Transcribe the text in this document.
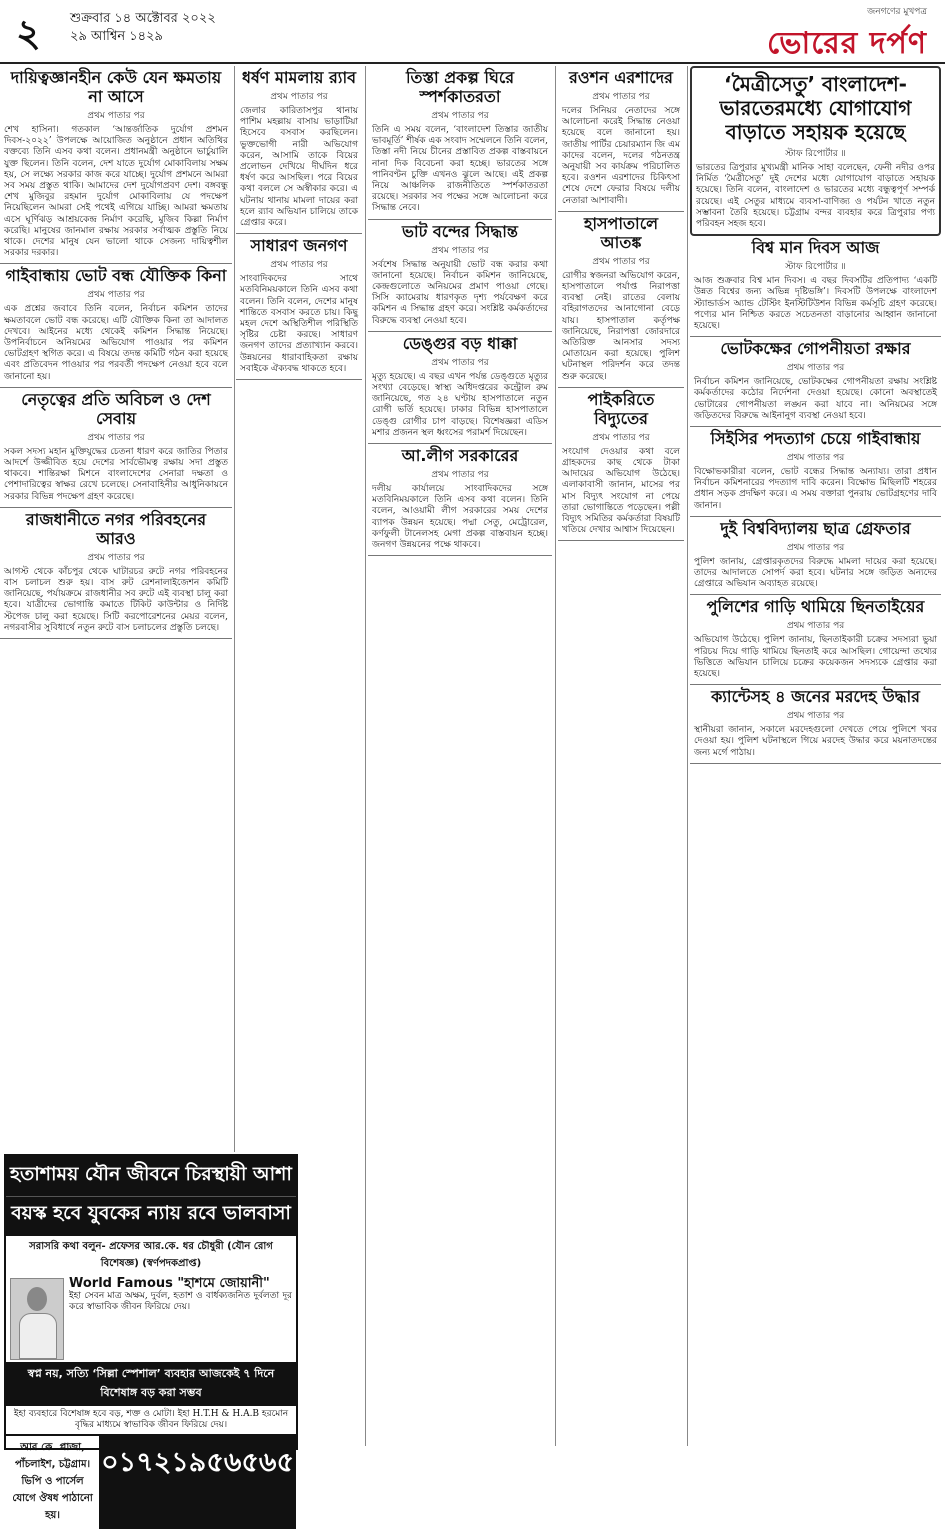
২ শুক্রবার ১৪ অক্টোবর ২০২২
২৯ আশ্বিন ১৪২৯
জনগণের মুখপত্র
ভোরের দর্পণ
দায়িত্বজ্ঞানহীন কেউ যেন ক্ষমতায় না আসে
প্রথম পাতার পর

শেখ হাসিনা। গতকাল ‘আন্তর্জাতিক দুর্যোগ প্রশমন দিবস-২০২২’ উপলক্ষে আয়োজিত অনুষ্ঠানে প্রধান অতিথির বক্তব্যে তিনি এসব কথা বলেন। প্রধানমন্ত্রী অনুষ্ঠানে ভার্চুয়ালি যুক্ত ছিলেন। তিনি বলেন, দেশ যাতে দুর্যোগ মোকাবিলায় সক্ষম হয়, সে লক্ষ্যে সরকার কাজ করে যাচ্ছে। দুর্যোগ প্রশমনে আমরা সব সময় প্রস্তুত থাকি। আমাদের দেশ দুর্যোগপ্রবণ দেশ। বঙ্গবন্ধু শেখ মুজিবুর রহমান দুর্যোগ মোকাবিলায় যে পদক্ষেপ নিয়েছিলেন আমরা সেই পথেই এগিয়ে যাচ্ছি। আমরা ক্ষমতায় এসে ঘূর্ণিঝড় আশ্রয়কেন্দ্র নির্মাণ করেছি, মুজিব কিল্লা নির্মাণ করেছি। মানুষের জানমাল রক্ষায় সরকার সর্বাত্মক প্রস্তুতি নিয়ে থাকে। দেশের মানুষ যেন ভালো থাকে সেজন্য দায়িত্বশীল সরকার দরকার।

গাইবান্ধায় ভোট বন্ধ যৌক্তিক কিনা
প্রথম পাতার পর

এক প্রশ্নের জবাবে তিনি বলেন, নির্বাচন কমিশন তাদের ক্ষমতাবলে ভোট বন্ধ করেছে। এটি যৌক্তিক কিনা তা আদালত দেখবে। আইনের মধ্যে থেকেই কমিশন সিদ্ধান্ত নিয়েছে। উপনির্বাচনে অনিয়মের অভিযোগ পাওয়ার পর কমিশন ভোটগ্রহণ স্থগিত করে। এ বিষয়ে তদন্ত কমিটি গঠন করা হয়েছে এবং প্রতিবেদন পাওয়ার পর পরবর্তী পদক্ষেপ নেওয়া হবে বলে জানানো হয়।

নেতৃত্বের প্রতি অবিচল ও দেশ সেবায়
প্রথম পাতার পর

সকল সদস্য মহান মুক্তিযুদ্ধের চেতনা ধারণ করে জাতির পিতার আদর্শে উজ্জীবিত হয়ে দেশের সার্বভৌমত্ব রক্ষায় সদা প্রস্তুত থাকবে। শান্তিরক্ষা মিশনে বাংলাদেশের সেনারা দক্ষতা ও পেশাদারিত্বের স্বাক্ষর রেখে চলেছে। সেনাবাহিনীর আধুনিকায়নে সরকার বিভিন্ন পদক্ষেপ গ্রহণ করেছে।

রাজধানীতে নগর পরিবহনের আরও
প্রথম পাতার পর

আগস্ট থেকে কাঁচপুর থেকে ঘাটারচর রুটে নগর পরিবহনের বাস চলাচল শুরু হয়। বাস রুট রেশনালাইজেশন কমিটি জানিয়েছে, পর্যায়ক্রমে রাজধানীর সব রুটে এই ব্যবস্থা চালু করা হবে। যাত্রীদের ভোগান্তি কমাতে টিকিট কাউন্টার ও নির্দিষ্ট স্টপেজ চালু করা হয়েছে। সিটি করপোরেশনের মেয়র বলেন, নগরবাসীর সুবিধার্থে নতুন রুটে বাস চলাচলের প্রস্তুতি চলছে।

ধর্ষণ মামলায় র‍্যাব
প্রথম পাতার পর

জেলার কারিতাসপুর থানায় পাশিম মহল্লায় বাসায় ভাড়াটিয়া হিসেবে বসবাস করছিলেন। ভুক্তভোগী নারী অভিযোগ করেন, আসামি তাকে বিয়ের প্রলোভন দেখিয়ে দীর্ঘদিন ধরে ধর্ষণ করে আসছিল। পরে বিয়ের কথা বললে সে অস্বীকার করে। এ ঘটনায় থানায় মামলা দায়ের করা হলে র‍্যাব অভিযান চালিয়ে তাকে গ্রেপ্তার করে।

সাধারণ জনগণ
প্রথম পাতার পর

সাংবাদিকদের সাথে মতবিনিময়কালে তিনি এসব কথা বলেন। তিনি বলেন, দেশের মানুষ শান্তিতে বসবাস করতে চায়। কিছু মহল দেশে অস্থিতিশীল পরিস্থিতি সৃষ্টির চেষ্টা করছে। সাধারণ জনগণ তাদের প্রত্যাখ্যান করবে। উন্নয়নের ধারাবাহিকতা রক্ষায় সবাইকে ঐক্যবদ্ধ থাকতে হবে।

তিস্তা প্রকল্প ঘিরে স্পর্শকাতরতা
প্রথম পাতার পর

তিনি এ সময় বলেন, ‘বাংলাদেশ তিস্তার জাতীয় ভাবমূর্তি’ শীর্ষক এক সংবাদ সম্মেলনে তিনি বলেন, তিস্তা নদী নিয়ে চীনের প্রস্তাবিত প্রকল্প বাস্তবায়নে নানা দিক বিবেচনা করা হচ্ছে। ভারতের সঙ্গে পানিবণ্টন চুক্তি এখনও ঝুলে আছে। এই প্রকল্প নিয়ে আঞ্চলিক রাজনীতিতে স্পর্শকাতরতা রয়েছে। সরকার সব পক্ষের সঙ্গে আলোচনা করে সিদ্ধান্ত নেবে।

ভাট বন্দের সিদ্ধান্ত
প্রথম পাতার পর

সর্বশেষ সিদ্ধান্ত অনুযায়ী ভোট বন্ধ করার কথা জানানো হয়েছে। নির্বাচন কমিশন জানিয়েছে, কেন্দ্রগুলোতে অনিয়মের প্রমাণ পাওয়া গেছে। সিসি ক্যামেরায় ধারণকৃত দৃশ্য পর্যবেক্ষণ করে কমিশন এ সিদ্ধান্ত গ্রহণ করে। সংশ্লিষ্ট কর্মকর্তাদের বিরুদ্ধে ব্যবস্থা নেওয়া হবে।

ডেঙ্গুর বড় ধাক্কা
প্রথম পাতার পর

মৃত্যু হয়েছে। এ বছর এখন পর্যন্ত ডেঙ্গুতে মৃত্যুর সংখ্যা বেড়েছে। স্বাস্থ্য অধিদপ্তরের কন্ট্রোল রুম জানিয়েছে, গত ২৪ ঘণ্টায় হাসপাতালে নতুন রোগী ভর্তি হয়েছে। ঢাকার বিভিন্ন হাসপাতালে ডেঙ্গু রোগীর চাপ বাড়ছে। বিশেষজ্ঞরা এডিস মশার প্রজনন স্থল ধ্বংসের পরামর্শ দিয়েছেন।

আ.লীগ সরকারের
প্রথম পাতার পর

দলীয় কার্যালয়ে সাংবাদিকদের সঙ্গে মতবিনিময়কালে তিনি এসব কথা বলেন। তিনি বলেন, আওয়ামী লীগ সরকারের সময় দেশের ব্যাপক উন্নয়ন হয়েছে। পদ্মা সেতু, মেট্রোরেল, কর্ণফুলী টানেলসহ মেগা প্রকল্প বাস্তবায়ন হচ্ছে। জনগণ উন্নয়নের পক্ষে থাকবে।

রওশন এরশাদের
প্রথম পাতার পর

দলের সিনিয়র নেতাদের সঙ্গে আলোচনা করেই সিদ্ধান্ত নেওয়া হয়েছে বলে জানানো হয়। জাতীয় পার্টির চেয়ারম্যান জি এম কাদের বলেন, দলের গঠনতন্ত্র অনুযায়ী সব কার্যক্রম পরিচালিত হবে। রওশন এরশাদের চিকিৎসা শেষে দেশে ফেরার বিষয়ে দলীয় নেতারা আশাবাদী।

হাসপাতালে আতঙ্ক
প্রথম পাতার পর

রোগীর স্বজনরা অভিযোগ করেন, হাসপাতালে পর্যাপ্ত নিরাপত্তা ব্যবস্থা নেই। রাতের বেলায় বহিরাগতদের আনাগোনা বেড়ে যায়। হাসপাতাল কর্তৃপক্ষ জানিয়েছে, নিরাপত্তা জোরদারে অতিরিক্ত আনসার সদস্য মোতায়েন করা হয়েছে। পুলিশ ঘটনাস্থল পরিদর্শন করে তদন্ত শুরু করেছে।

পাইকরিতে বিদ্যুতের
প্রথম পাতার পর

সংযোগ দেওয়ার কথা বলে গ্রাহকদের কাছ থেকে টাকা আদায়ের অভিযোগ উঠেছে। এলাকাবাসী জানান, মাসের পর মাস বিদ্যুৎ সংযোগ না পেয়ে তারা ভোগান্তিতে পড়েছেন। পল্লী বিদ্যুৎ সমিতির কর্মকর্তারা বিষয়টি খতিয়ে দেখার আশ্বাস দিয়েছেন।

‘মৈত্রীসেতু’ বাংলাদেশ-ভারতেরমধ্যে যোগাযোগ বাড়াতে সহায়ক হয়েছে
স্টাফ রিপোর্টার ॥

ভারতের ত্রিপুরার মুখ্যমন্ত্রী মানিক সাহা বলেছেন, ফেনী নদীর ওপর নির্মিত ‘মৈত্রীসেতু’ দুই দেশের মধ্যে যোগাযোগ বাড়াতে সহায়ক হয়েছে। তিনি বলেন, বাংলাদেশ ও ভারতের মধ্যে বন্ধুত্বপূর্ণ সম্পর্ক রয়েছে। এই সেতুর মাধ্যমে ব্যবসা-বাণিজ্য ও পর্যটন খাতে নতুন সম্ভাবনা তৈরি হয়েছে। চট্টগ্রাম বন্দর ব্যবহার করে ত্রিপুরার পণ্য পরিবহন সহজ হবে।

বিশ্ব মান দিবস আজ
স্টাফ রিপোর্টার ॥

আজ শুক্রবার বিশ্ব মান দিবস। এ বছর দিবসটির প্রতিপাদ্য ‘একটি উন্নত বিশ্বের জন্য অভিন্ন দৃষ্টিভঙ্গি’। দিবসটি উপলক্ষে বাংলাদেশ স্ট্যান্ডার্ডস অ্যান্ড টেস্টিং ইনস্টিটিউশন বিভিন্ন কর্মসূচি গ্রহণ করেছে। পণ্যের মান নিশ্চিত করতে সচেতনতা বাড়ানোর আহ্বান জানানো হয়েছে।

ভোটকক্ষের গোপনীয়তা রক্ষার
প্রথম পাতার পর

নির্বাচন কমিশন জানিয়েছে, ভোটকক্ষের গোপনীয়তা রক্ষায় সংশ্লিষ্ট কর্মকর্তাদের কঠোর নির্দেশনা দেওয়া হয়েছে। কোনো অবস্থাতেই ভোটারের গোপনীয়তা লঙ্ঘন করা যাবে না। অনিয়মের সঙ্গে জড়িতদের বিরুদ্ধে আইনানুগ ব্যবস্থা নেওয়া হবে।

সিইসির পদত্যাগ চেয়ে গাইবান্ধায়
প্রথম পাতার পর

বিক্ষোভকারীরা বলেন, ভোট বন্ধের সিদ্ধান্ত অন্যায্য। তারা প্রধান নির্বাচন কমিশনারের পদত্যাগ দাবি করেন। বিক্ষোভ মিছিলটি শহরের প্রধান সড়ক প্রদক্ষিণ করে। এ সময় বক্তারা পুনরায় ভোটগ্রহণের দাবি জানান।

দুই বিশ্ববিদ্যালয় ছাত্র গ্রেফতার
প্রথম পাতার পর

পুলিশ জানায়, গ্রেপ্তারকৃতদের বিরুদ্ধে মামলা দায়ের করা হয়েছে। তাদের আদালতে সোপর্দ করা হবে। ঘটনার সঙ্গে জড়িত অন্যদের গ্রেপ্তারে অভিযান অব্যাহত রয়েছে।

পুলিশের গাড়ি থামিয়ে ছিনতাইয়ের
প্রথম পাতার পর

অভিযোগ উঠেছে। পুলিশ জানায়, ছিনতাইকারী চক্রের সদস্যরা ভুয়া পরিচয় দিয়ে গাড়ি থামিয়ে ছিনতাই করে আসছিল। গোয়েন্দা তথ্যের ভিত্তিতে অভিযান চালিয়ে চক্রের কয়েকজন সদস্যকে গ্রেপ্তার করা হয়েছে।

ক্যান্টেসহ ৪ জনের মরদেহ উদ্ধার
প্রথম পাতার পর

স্থানীয়রা জানান, সকালে মরদেহগুলো দেখতে পেয়ে পুলিশে খবর দেওয়া হয়। পুলিশ ঘটনাস্থলে গিয়ে মরদেহ উদ্ধার করে ময়নাতদন্তের জন্য মর্গে পাঠায়।

হতাশাময় যৌন জীবনে চিরস্থায়ী আশা
বয়স্ক হবে যুবকের ন্যায় রবে ভালবাসা
সরাসরি কথা বলুন- প্রফেসর আর.কে. ধর চৌধুরী (যৌন রোগ বিশেষজ্ঞ) (স্বর্ণপদকপ্রাপ্ত)
World Famous "হাশমে জোয়ানী"
ইহা সেবন মাত্র অক্ষম, দুর্বল, হতাশ ও বার্ধক্যজনিত দুর্বলতা দূর করে স্বাভাবিক জীবন ফিরিয়ে দেয়।
স্বপ্ন নয়, সত্যি ‘সিল্লা স্পেশাল’ ব্যবহার আজকেই ৭ দিনে বিশেষাঙ্গ বড় করা সম্ভব
ইহা ব্যবহারে বিশেষাঙ্গ হবে বড়, শক্ত ও মোটা। ইহা H.T.H & H.A.B হরমোন বৃদ্ধির মাধ্যমে স্বাভাবিক জীবন ফিরিয়ে দেয়।
আর.কে. প্লাজা, পাঁচলাইশ, চট্টগ্রাম। ভিপি ও পার্সেল যোগে ঔষধ পাঠানো হয়।
০১৭২১৯৫৬৫৬৫
